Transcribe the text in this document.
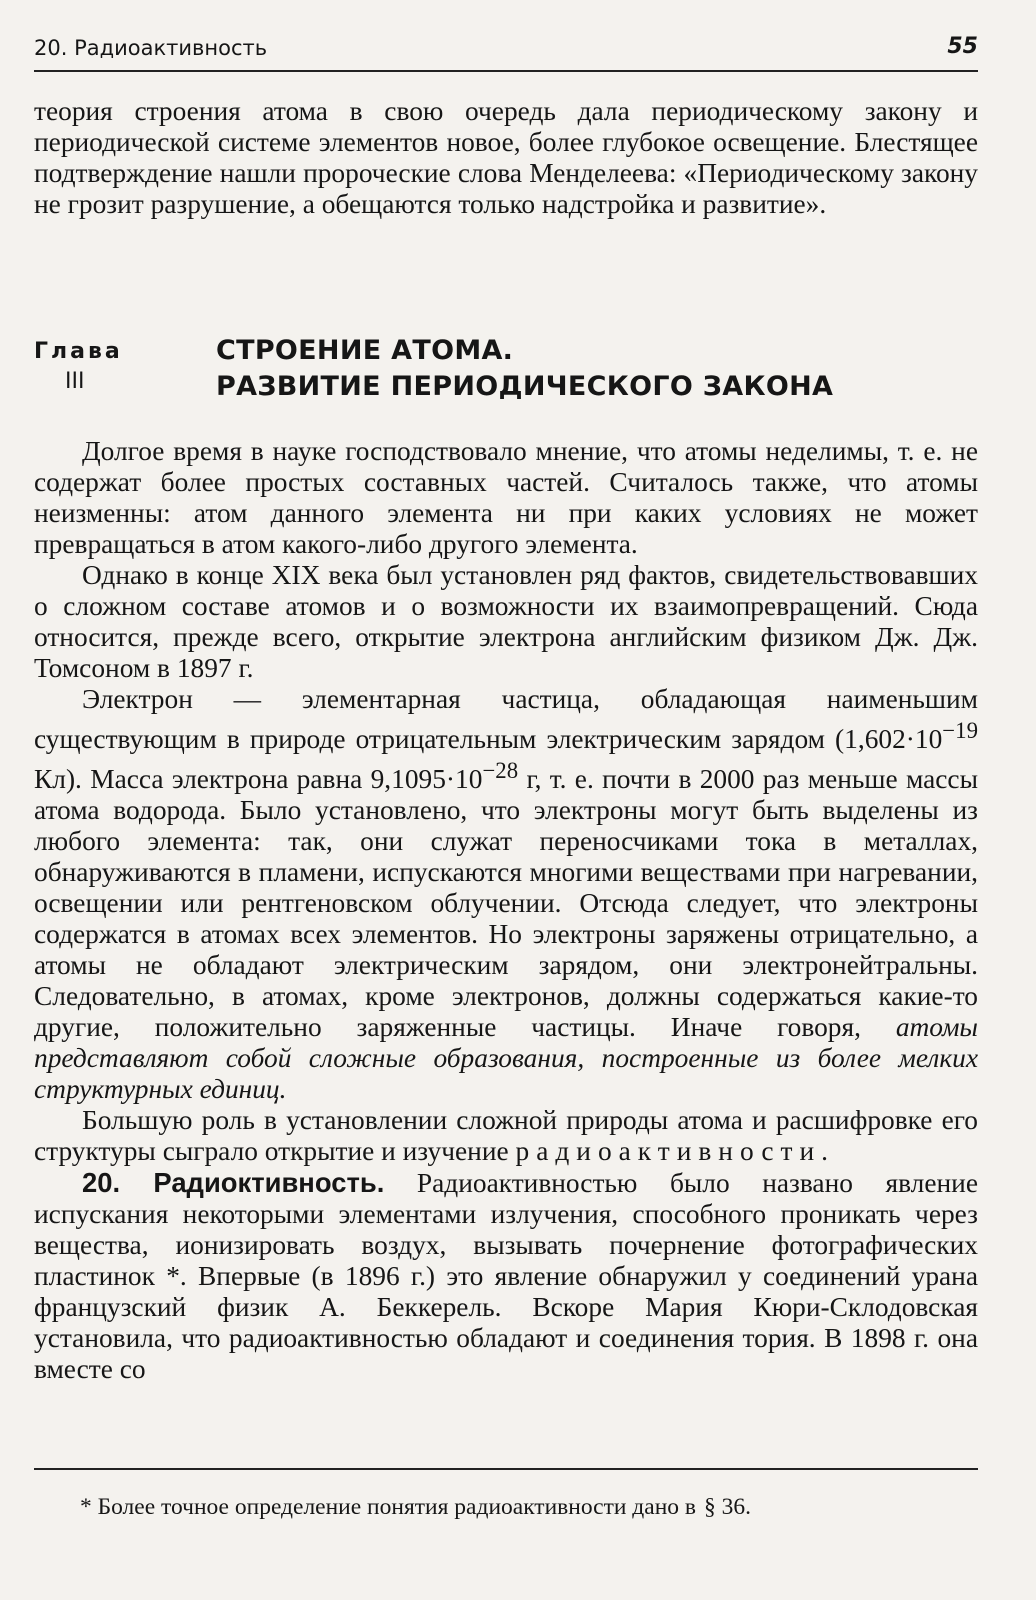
20. Радиоактивность	55

теория строения атома в свою очередь дала периодическому закону и периодической системе элементов новое, более глубокое освещение. Блестящее подтверждение нашли пророческие слова Менделеева: «Периодическому закону не грозит разрушение, а обещаются только надстройка и развитие».

Глава
III
СТРОЕНИЕ АТОМА.
РАЗВИТИЕ ПЕРИОДИЧЕСКОГО ЗАКОНА

Долгое время в науке господствовало мнение, что атомы неделимы, т. е. не содержат более простых составных частей. Считалось также, что атомы неизменны: атом данного элемента ни при каких условиях не может превращаться в атом какого-либо другого элемента.

Однако в конце XIX века был установлен ряд фактов, свидетельствовавших о сложном составе атомов и о возможности их взаимопревращений. Сюда относится, прежде всего, открытие электрона английским физиком Дж. Дж. Томсоном в 1897 г.

Электрон — элементарная частица, обладающая наименьшим существующим в природе отрицательным электрическим зарядом ($1,602\cdot 10^{-19}$ Кл). Масса электрона равна $9,1095\cdot 10^{-28}$ г, т. е. почти в 2000 раз меньше массы атома водорода. Было установлено, что электроны могут быть выделены из любого элемента: так, они служат переносчиками тока в металлах, обнаруживаются в пламени, испускаются многими веществами при нагревании, освещении или рентгеновском облучении. Отсюда следует, что электроны содержатся в атомах всех элементов. Но электроны заряжены отрицательно, а атомы не обладают электрическим зарядом, они электронейтральны. Следовательно, в атомах, кроме электронов, должны содержаться какие-то другие, положительно заряженные частицы. Иначе говоря, атомы представляют собой сложные образования, построенные из более мелких структурных единиц.

Большую роль в установлении сложной природы атома и расшифровке его структуры сыграло открытие и изучение радиоактивности.

20. Радиоктивность. Радиоактивностью было названо явление испускания некоторыми элементами излучения, способного проникать через вещества, ионизировать воздух, вызывать почернение фотографических пластинок *. Впервые (в 1896 г.) это явление обнаружил у соединений урана французский физик А. Беккерель. Вскоре Мария Кюри-Склодовская установила, что радиоактивностью обладают и соединения тория. В 1898 г. она вместе со

* Более точное определение понятия радиоактивности дано в § 36.
